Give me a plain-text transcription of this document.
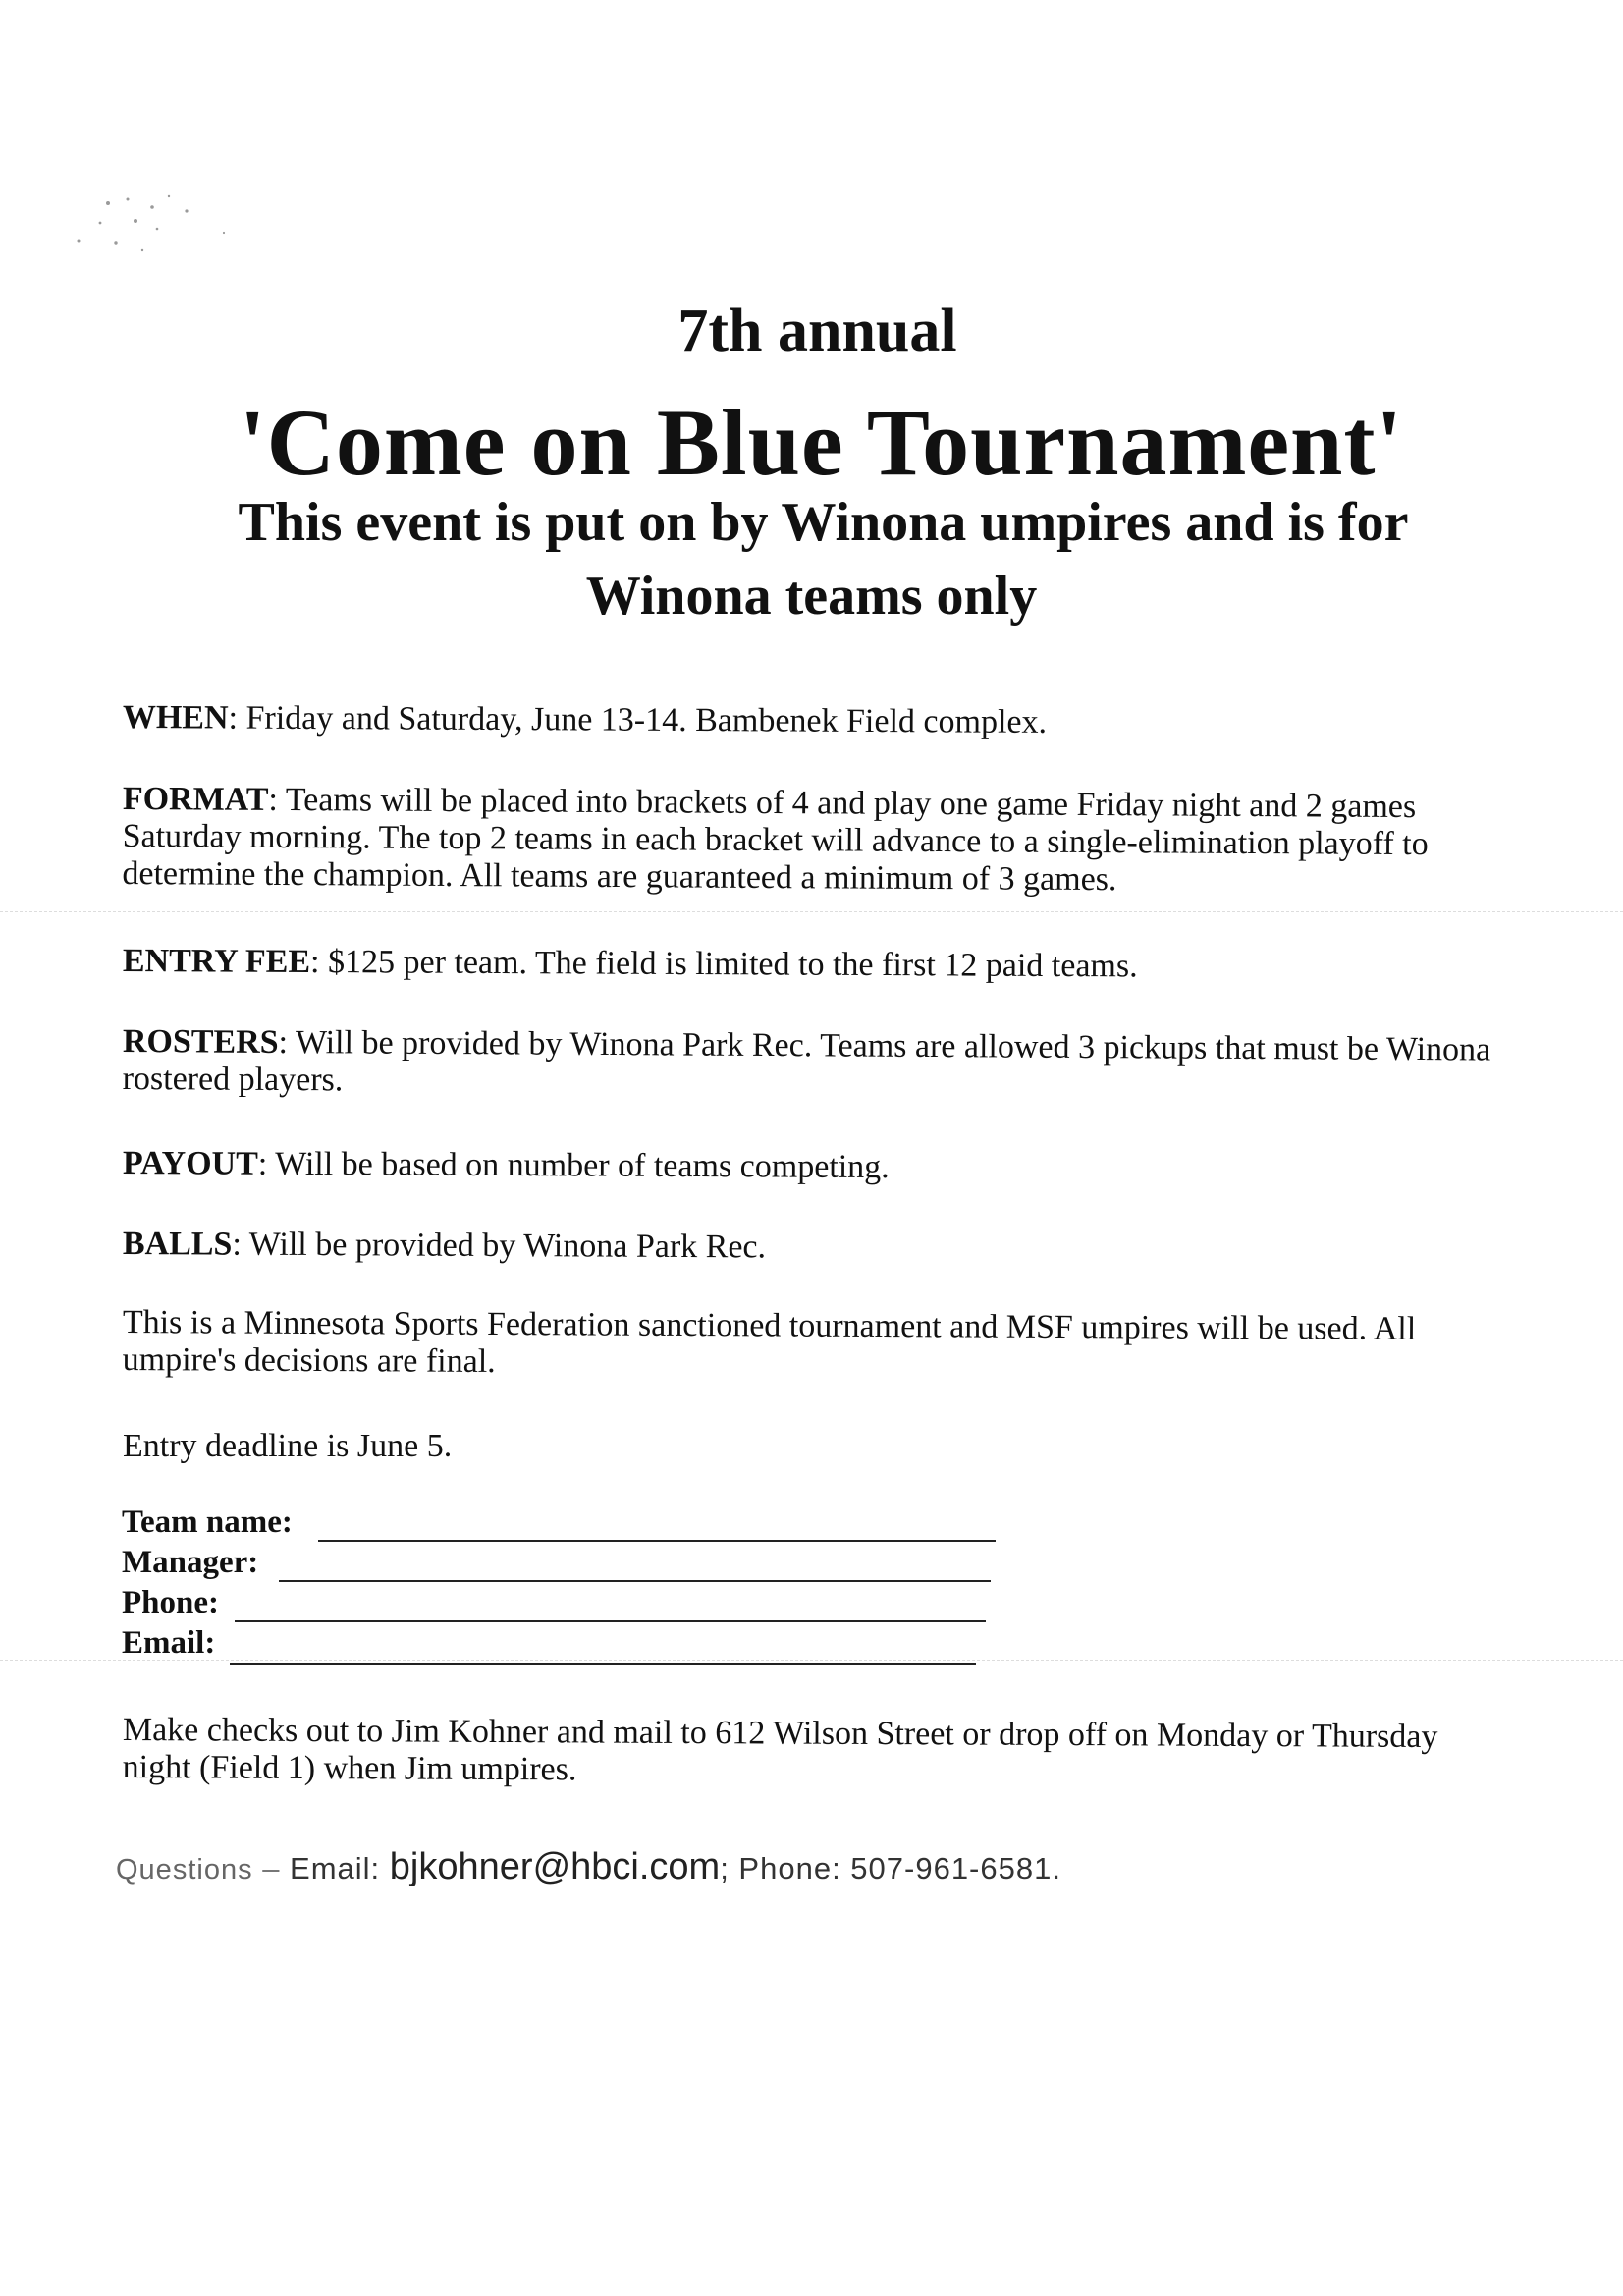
7th annual
'Come on Blue Tournament'
This event is put on by Winona umpires and is for
Winona teams only
WHEN: Friday and Saturday, June 13-14. Bambenek Field complex.
FORMAT: Teams will be placed into brackets of 4 and play one game Friday night and 2 games Saturday morning. The top 2 teams in each bracket will advance to a single-elimination playoff to determine the champion. All teams are guaranteed a minimum of 3 games.
ENTRY FEE: $125 per team. The field is limited to the first 12 paid teams.
ROSTERS: Will be provided by Winona Park Rec. Teams are allowed 3 pickups that must be Winona rostered players.
PAYOUT: Will be based on number of teams competing.
BALLS: Will be provided by Winona Park Rec.
This is a Minnesota Sports Federation sanctioned tournament and MSF umpires will be used. All umpire's decisions are final.
Entry deadline is June 5.
Team name:
Manager:
Phone:
Email:
Make checks out to Jim Kohner and mail to 612 Wilson Street or drop off on Monday or Thursday night (Field 1) when Jim umpires.
Questions – Email: bjkohner@hbci.com; Phone: 507-961-6581.
